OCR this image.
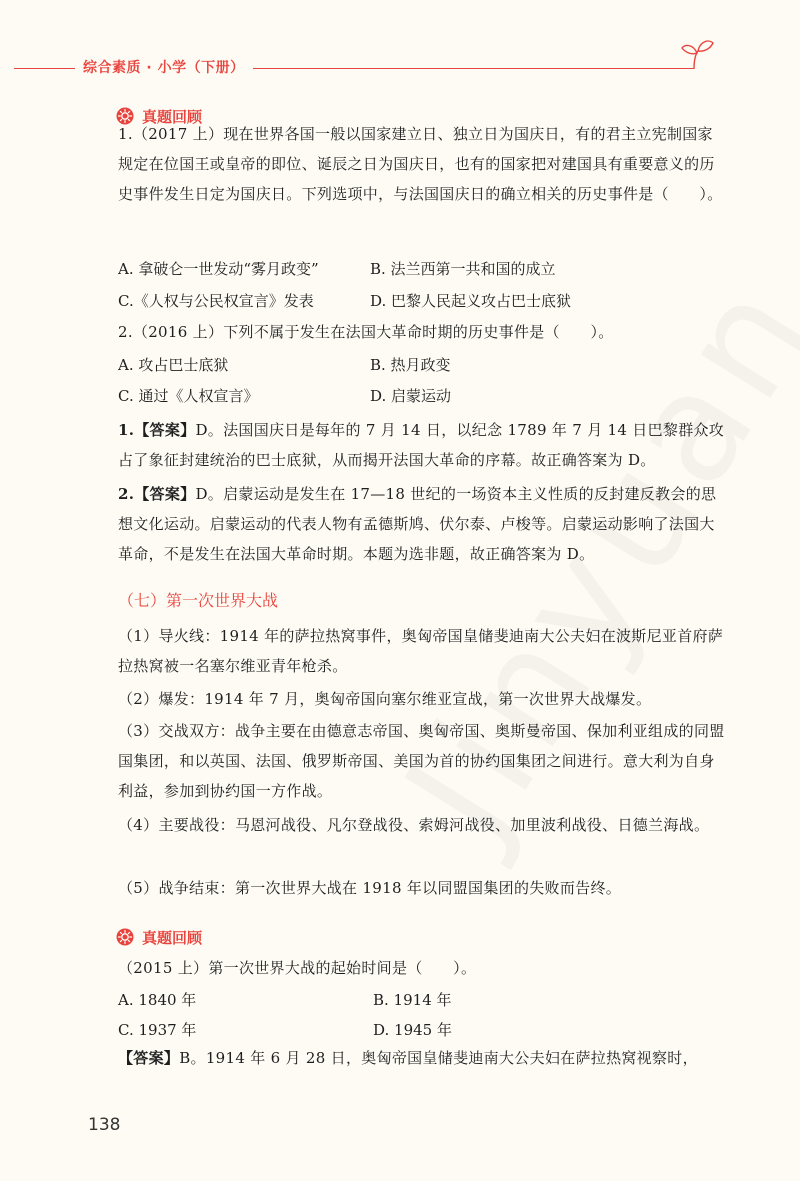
综合素质 · 小学（下册）
真题回顾
1.（2017 上）现在世界各国一般以国家建立日、独立日为国庆日，有的君主立宪制国家规定在位国王或皇帝的即位、诞辰之日为国庆日，也有的国家把对建国具有重要意义的历史事件发生日定为国庆日。下列选项中，与法国国庆日的确立相关的历史事件是（　　）。
A. 拿破仑一世发动“雾月政变”	B. 法兰西第一共和国的成立
C.《人权与公民权宣言》发表	D. 巴黎人民起义攻占巴士底狱
2.（2016 上）下列不属于发生在法国大革命时期的历史事件是（　　）。
A. 攻占巴士底狱	B. 热月政变
C. 通过《人权宣言》	D. 启蒙运动
1.【答案】D。法国国庆日是每年的 7 月 14 日，以纪念 1789 年 7 月 14 日巴黎群众攻占了象征封建统治的巴士底狱，从而揭开法国大革命的序幕。故正确答案为 D。
2.【答案】D。启蒙运动是发生在 17—18 世纪的一场资本主义性质的反封建反教会的思想文化运动。启蒙运动的代表人物有孟德斯鸠、伏尔泰、卢梭等。启蒙运动影响了法国大革命，不是发生在法国大革命时期。本题为选非题，故正确答案为 D。
（七）第一次世界大战
（1）导火线：1914 年的萨拉热窝事件，奥匈帝国皇储斐迪南大公夫妇在波斯尼亚首府萨拉热窝被一名塞尔维亚青年枪杀。
（2）爆发：1914 年 7 月，奥匈帝国向塞尔维亚宣战，第一次世界大战爆发。
（3）交战双方：战争主要在由德意志帝国、奥匈帝国、奥斯曼帝国、保加利亚组成的同盟国集团，和以英国、法国、俄罗斯帝国、美国为首的协约国集团之间进行。意大利为自身利益，参加到协约国一方作战。
（4）主要战役：马恩河战役、凡尔登战役、索姆河战役、加里波利战役、日德兰海战。
（5）战争结束：第一次世界大战在 1918 年以同盟国集团的失败而告终。
真题回顾
（2015 上）第一次世界大战的起始时间是（　　）。
A. 1840 年	B. 1914 年
C. 1937 年	D. 1945 年
【答案】B。1914 年 6 月 28 日，奥匈帝国皇储斐迪南大公夫妇在萨拉热窝视察时，
138
